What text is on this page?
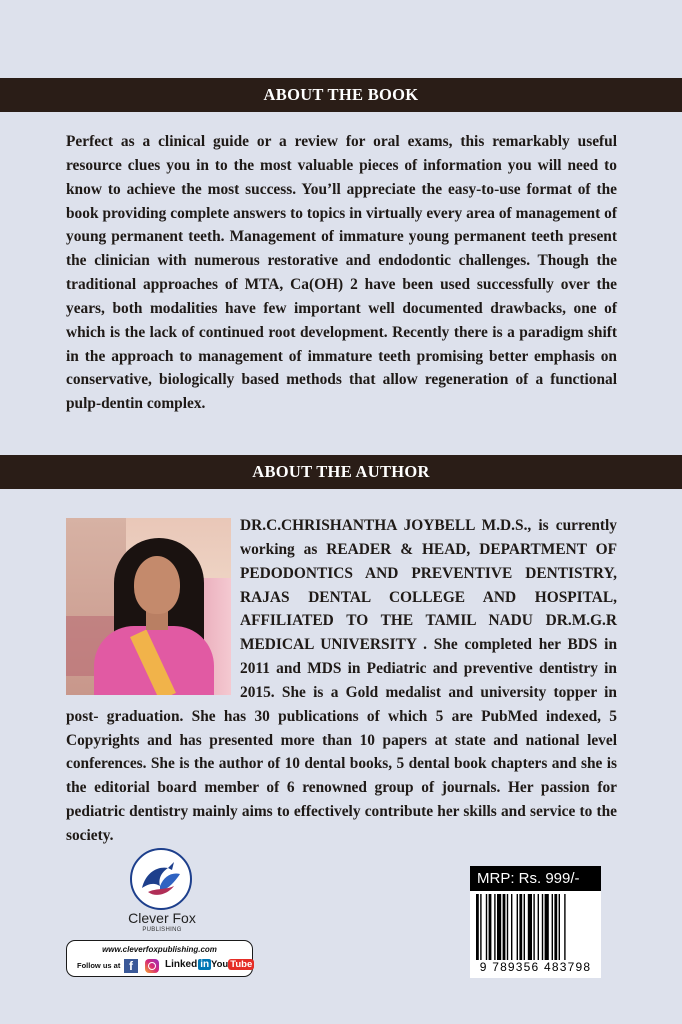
ABOUT THE BOOK

Perfect as a clinical guide or a review for oral exams, this remarkably useful resource clues you in to the most valuable pieces of information you will need to know to achieve the most success. You’ll appreciate the easy-to-use format of the book providing complete answers to topics in virtually every area of management of young permanent teeth. Management of immature young permanent teeth present the clinician with numerous restorative and endodontic challenges. Though the traditional approaches of MTA, Ca(OH) 2 have been used successfully over the years, both modalities have few important well documented drawbacks, one of which is the lack of continued root development. Recently there is a paradigm shift in the approach to management of immature teeth promising better emphasis on conservative, biologically based methods that allow regeneration of a functional pulp-dentin complex.

ABOUT THE AUTHOR
DR.C.CHRISHANTHA JOYBELL M.D.S., is currently working as READER & HEAD, DEPARTMENT OF PEDODONTICS AND PREVENTIVE DENTISTRY, RAJAS DENTAL COLLEGE AND HOSPITAL, AFFILIATED TO THE TAMIL NADU DR.M.G.R MEDICAL UNIVERSITY . She completed her BDS in 2011 and MDS in Pediatric and preventive dentistry in 2015. She is a Gold medalist and university topper in post- graduation. She has 30 publications of which 5 are PubMed indexed, 5 Copyrights and has presented more than 10 papers at state and national level conferences. She is the author of 10 dental books, 5 dental book chapters and she is the editorial board member of 6 renowned group of journals. Her passion for pediatric dentistry mainly aims to effectively contribute her skills and service to the society.
Clever Fox
PUBLISHING
www.cleverfoxpublishing.com
Follow us at f	Linked in You Tube
MRP: Rs. 999/-
9 789356 483798
